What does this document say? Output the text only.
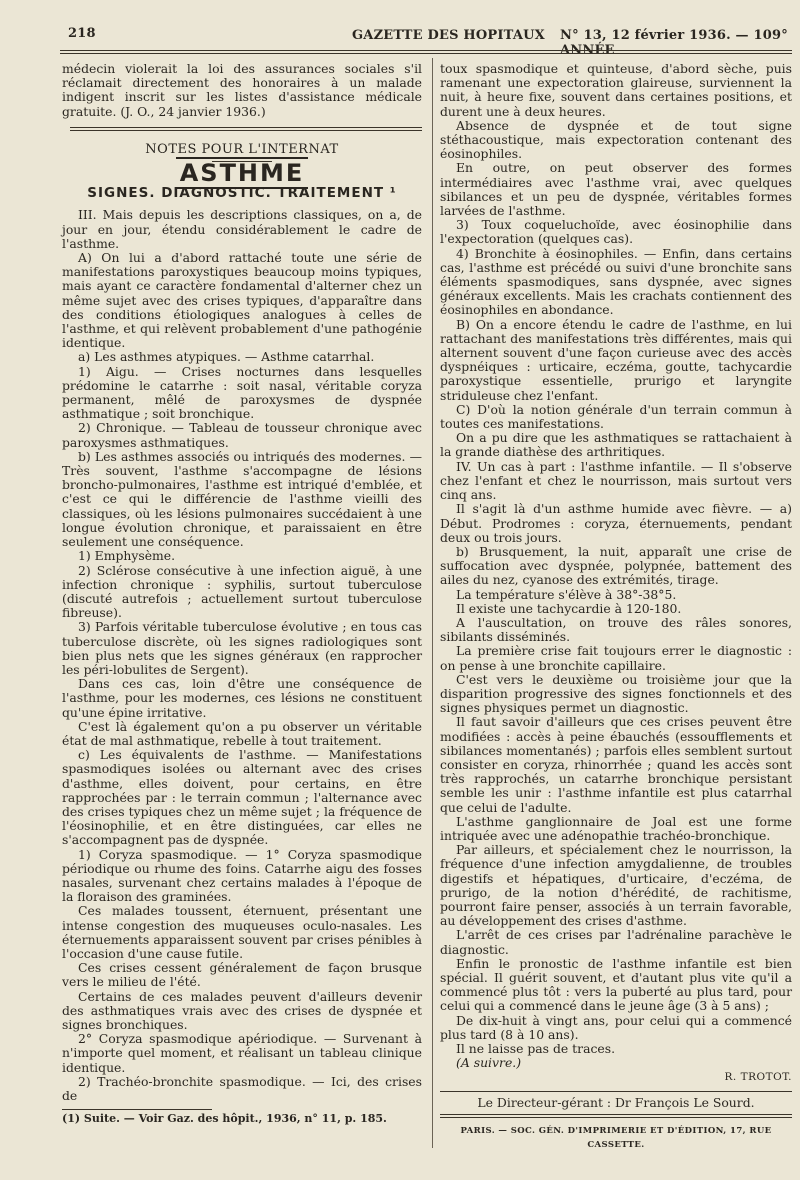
218	GAZETTE DES HOPITAUX N° 13, 12 février 1936. — 109° ANNÉE

médecin violerait la loi des assurances sociales s'il réclamait directement des honoraires à un malade indigent inscrit sur les listes d'assistance médicale gratuite. (J. O., 24 janvier 1936.)

NOTES POUR L'INTERNAT
ASTHME
SIGNES. DIAGNOSTIC. TRAITEMENT ¹

III. Mais depuis les descriptions classiques, on a, de jour en jour, étendu considérablement le cadre de l'asthme.

A) On lui a d'abord rattaché toute une série de manifestations paroxystiques beaucoup moins typiques, mais ayant ce caractère fondamental d'alterner chez un même sujet avec des crises typiques, d'apparaître dans des conditions étiologiques analogues à celles de l'asthme, et qui relèvent probablement d'une pathogénie identique.

a) Les asthmes atypiques. — Asthme catarrhal.

1) Aigu. — Crises nocturnes dans lesquelles prédomine le catarrhe : soit nasal, véritable coryza permanent, mêlé de paroxysmes de dyspnée asthmatique ; soit bronchique.

2) Chronique. — Tableau de tousseur chronique avec paroxysmes asthmatiques.

b) Les asthmes associés ou intriqués des modernes. — Très souvent, l'asthme s'accompagne de lésions broncho-pulmonaires, l'asthme est intriqué d'emblée, et c'est ce qui le différencie de l'asthme vieilli des classiques, où les lésions pulmonaires succédaient à une longue évolution chronique, et paraissaient en être seulement une conséquence.

1) Emphysème.

2) Sclérose consécutive à une infection aiguë, à une infection chronique : syphilis, surtout tuberculose (discuté autrefois ; actuellement surtout tuberculose fibreuse).

3) Parfois véritable tuberculose évolutive ; en tous cas tuberculose discrète, où les signes radiologiques sont bien plus nets que les signes généraux (en rapprocher les péri-lobulites de Sergent).

Dans ces cas, loin d'être une conséquence de l'asthme, pour les modernes, ces lésions ne constituent qu'une épine irritative.

C'est là également qu'on a pu observer un véritable état de mal asthmatique, rebelle à tout traitement.

c) Les équivalents de l'asthme. — Manifestations spasmodiques isolées ou alternant avec des crises d'asthme, elles doivent, pour certains, en être rapprochées par : le terrain commun ; l'alternance avec des crises typiques chez un même sujet ; la fréquence de l'éosinophilie, et en être distinguées, car elles ne s'accompagnent pas de dyspnée.

1) Coryza spasmodique. — 1° Coryza spasmodique périodique ou rhume des foins. Catarrhe aigu des fosses nasales, survenant chez certains malades à l'époque de la floraison des graminées.

Ces malades toussent, éternuent, présentant une intense congestion des muqueuses oculo-nasales. Les éternuements apparaissent souvent par crises pénibles à l'occasion d'une cause futile.

Ces crises cessent généralement de façon brusque vers le milieu de l'été.

Certains de ces malades peuvent d'ailleurs devenir des asthmatiques vrais avec des crises de dyspnée et signes bronchiques.

2° Coryza spasmodique apériodique. — Survenant à n'importe quel moment, et réalisant un tableau clinique identique.

2) Trachéo-bronchite spasmodique. — Ici, des crises de

(1) Suite. — Voir Gaz. des hôpit., 1936, n° 11, p. 185.

toux spasmodique et quinteuse, d'abord sèche, puis ramenant une expectoration glaireuse, surviennent la nuit, à heure fixe, souvent dans certaines positions, et durent une à deux heures.

Absence de dyspnée et de tout signe stéthacoustique, mais expectoration contenant des éosinophiles.

En outre, on peut observer des formes intermédiaires avec l'asthme vrai, avec quelques sibilances et un peu de dyspnée, véritables formes larvées de l'asthme.

3) Toux coqueluchoïde, avec éosinophilie dans l'expectoration (quelques cas).

4) Bronchite à éosinophiles. — Enfin, dans certains cas, l'asthme est précédé ou suivi d'une bronchite sans éléments spasmodiques, sans dyspnée, avec signes généraux excellents. Mais les crachats contiennent des éosinophiles en abondance.

B) On a encore étendu le cadre de l'asthme, en lui rattachant des manifestations très différentes, mais qui alternent souvent d'une façon curieuse avec des accès dyspnéiques : urticaire, eczéma, goutte, tachycardie paroxystique essentielle, prurigo et laryngite striduleuse chez l'enfant.

C) D'où la notion générale d'un terrain commun à toutes ces manifestations.

On a pu dire que les asthmatiques se rattachaient à la grande diathèse des arthritiques.

IV. Un cas à part : l'asthme infantile. — Il s'observe chez l'enfant et chez le nourrisson, mais surtout vers cinq ans.

Il s'agit là d'un asthme humide avec fièvre. — a) Début. Prodromes : coryza, éternuements, pendant deux ou trois jours.

b) Brusquement, la nuit, apparaît une crise de suffocation avec dyspnée, polypnée, battement des ailes du nez, cyanose des extrémités, tirage.

La température s'élève à 38°-38°5.

Il existe une tachycardie à 120-180.

A l'auscultation, on trouve des râles sonores, sibilants disséminés.

La première crise fait toujours errer le diagnostic : on pense à une bronchite capillaire.

C'est vers le deuxième ou troisième jour que la disparition progressive des signes fonctionnels et des signes physiques permet un diagnostic.

Il faut savoir d'ailleurs que ces crises peuvent être modifiées : accès à peine ébauchés (essoufflements et sibilances momentanés) ; parfois elles semblent surtout consister en coryza, rhinorrhée ; quand les accès sont très rapprochés, un catarrhe bronchique persistant semble les unir : l'asthme infantile est plus catarrhal que celui de l'adulte.

L'asthme ganglionnaire de Joal est une forme intriquée avec une adénopathie trachéo-bronchique.

Par ailleurs, et spécialement chez le nourrisson, la fréquence d'une infection amygdalienne, de troubles digestifs et hépatiques, d'urticaire, d'eczéma, de prurigo, de la notion d'hérédité, de rachitisme, pourront faire penser, associés à un terrain favorable, au développement des crises d'asthme.

L'arrêt de ces crises par l'adrénaline parachève le diagnostic.

Enfin le pronostic de l'asthme infantile est bien spécial. Il guérit souvent, et d'autant plus vite qu'il a commencé plus tôt : vers la puberté au plus tard, pour celui qui a commencé dans le jeune âge (3 à 5 ans) ;

De dix-huit à vingt ans, pour celui qui a commencé plus tard (8 à 10 ans).

Il ne laisse pas de traces.

(A suivre.)

R. TROTOT.
Le Directeur-gérant : Dr François Le Sourd.
PARIS. — SOC. GÉN. D'IMPRIMERIE ET D'ÉDITION, 17, RUE CASSETTE.
